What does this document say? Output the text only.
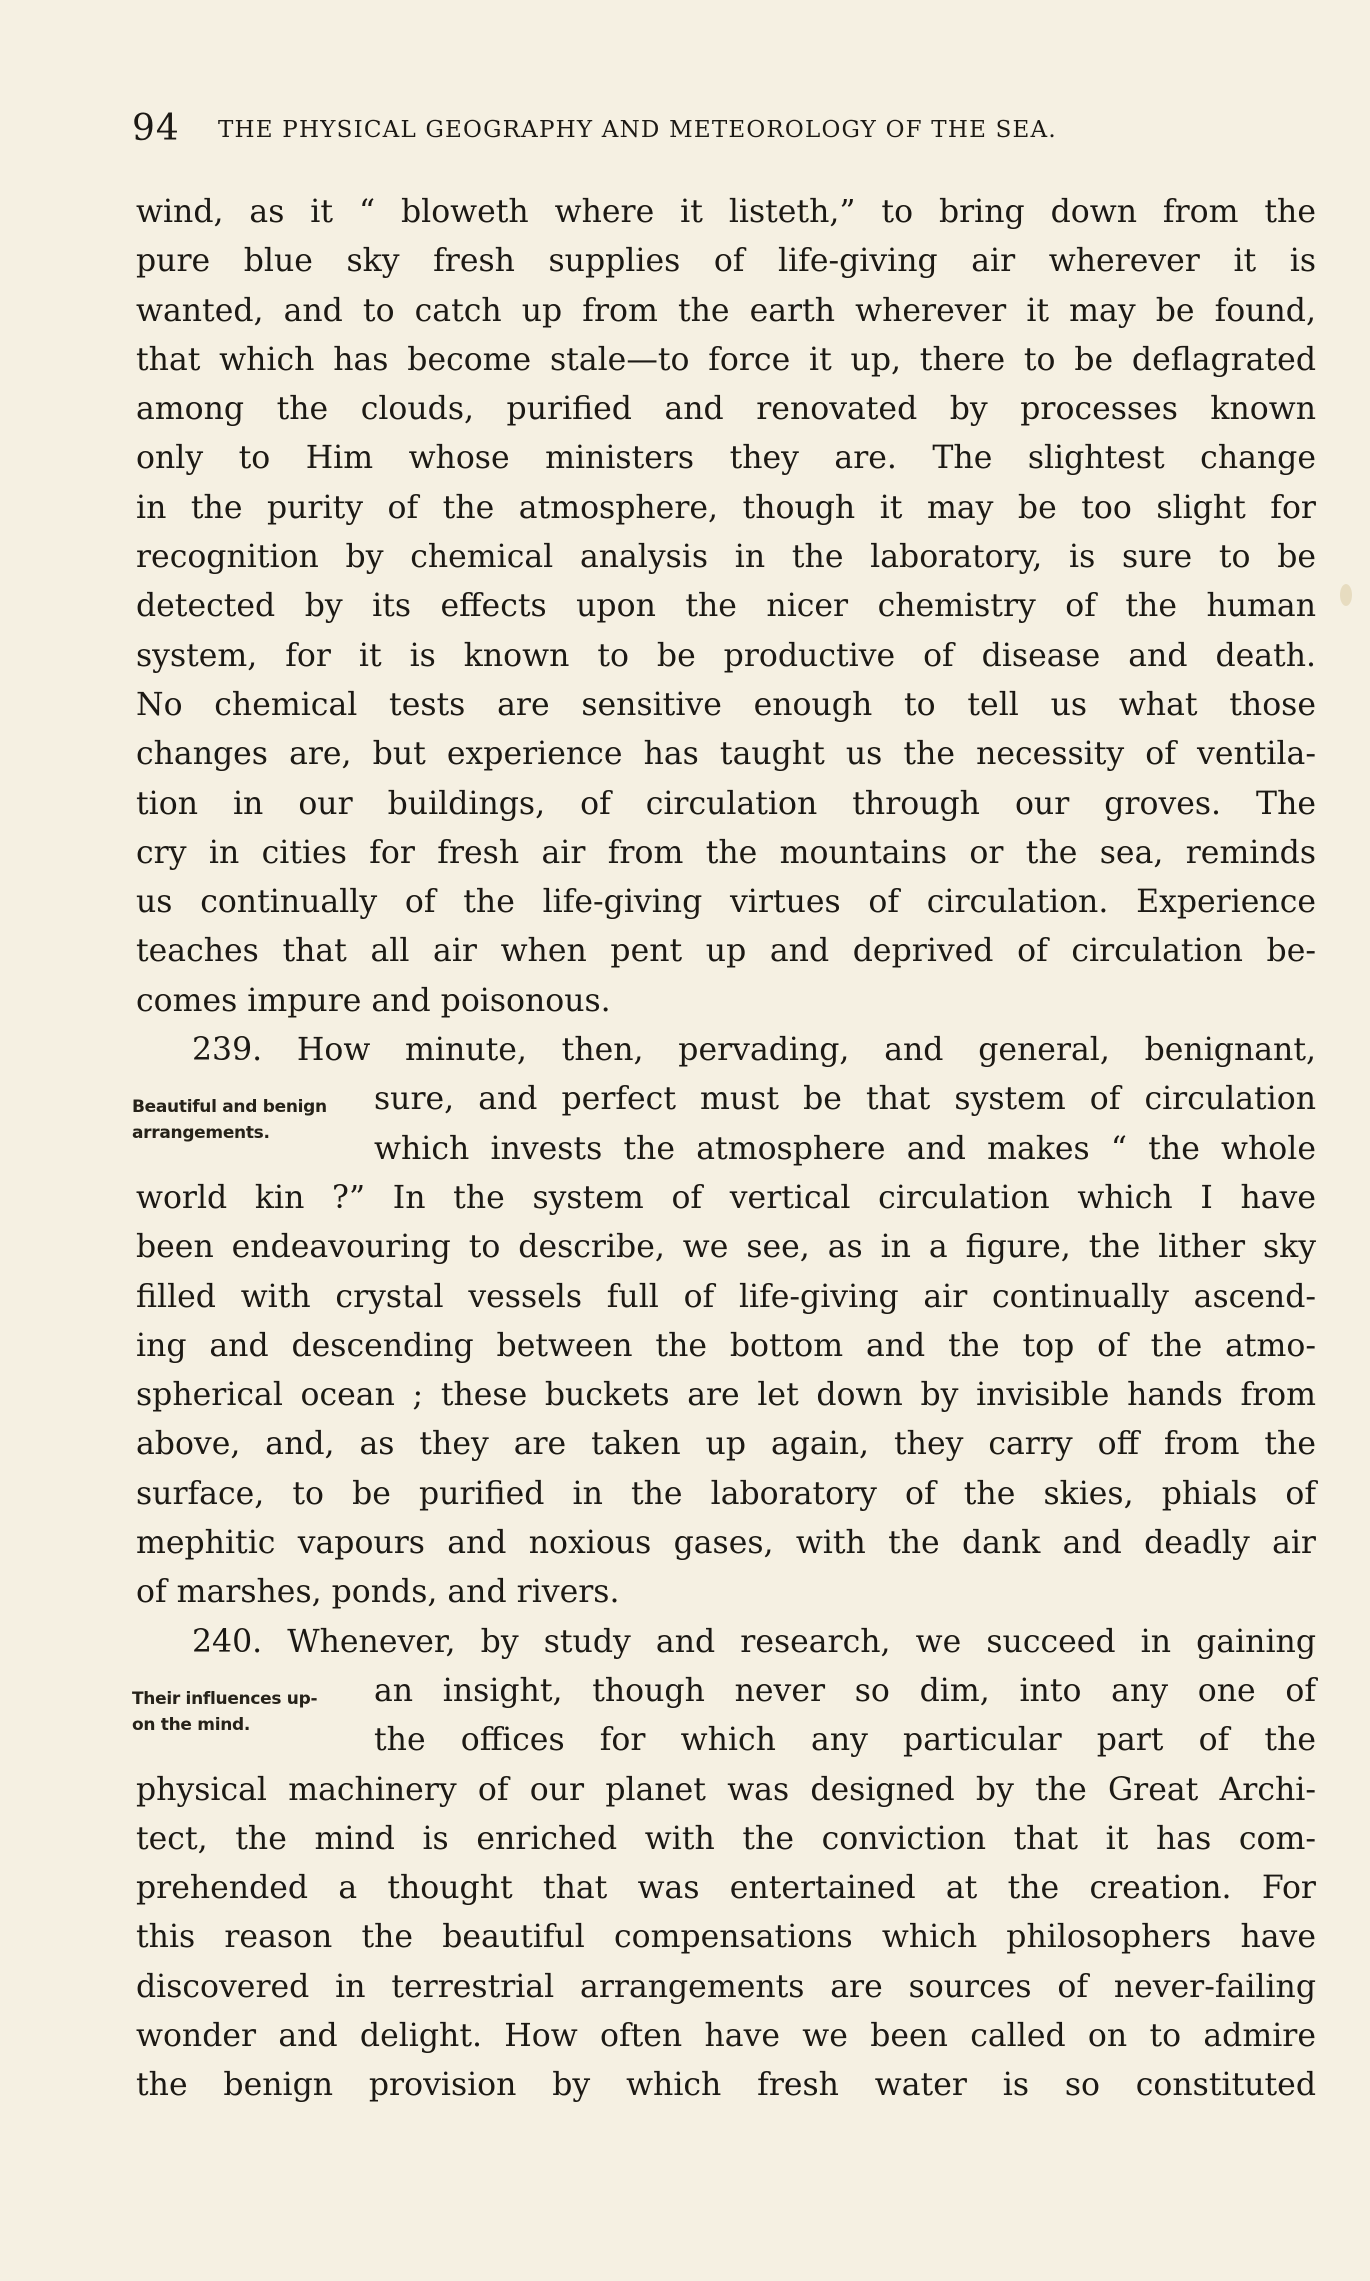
94 THE PHYSICAL GEOGRAPHY AND METEOROLOGY OF THE SEA.
wind, as it “ bloweth where it listeth,” to bring down from the
pure blue sky fresh supplies of life-giving air wherever it is
wanted, and to catch up from the earth wherever it may be found,
that which has become stale—to force it up, there to be deflagrated
among the clouds, purified and renovated by processes known
only to Him whose ministers they are. The slightest change
in the purity of the atmosphere, though it may be too slight for
recognition by chemical analysis in the laboratory, is sure to be
detected by its effects upon the nicer chemistry of the human
system, for it is known to be productive of disease and death.
No chemical tests are sensitive enough to tell us what those
changes are, but experience has taught us the necessity of ventila-
tion in our buildings, of circulation through our groves. The
cry in cities for fresh air from the mountains or the sea, reminds
us continually of the life-giving virtues of circulation. Experience
teaches that all air when pent up and deprived of circulation be-
comes impure and poisonous.
239. How minute, then, pervading, and general, benignant,
sure, and perfect must be that system of circulation
which invests the atmosphere and makes “ the whole
world kin ?” In the system of vertical circulation which I have
been endeavouring to describe, we see, as in a figure, the lither sky
filled with crystal vessels full of life-giving air continually ascend-
ing and descending between the bottom and the top of the atmo-
spherical ocean ; these buckets are let down by invisible hands from
above, and, as they are taken up again, they carry off from the
surface, to be purified in the laboratory of the skies, phials of
mephitic vapours and noxious gases, with the dank and deadly air
of marshes, ponds, and rivers.
240. Whenever, by study and research, we succeed in gaining
an insight, though never so dim, into any one of
the offices for which any particular part of the
physical machinery of our planet was designed by the Great Archi-
tect, the mind is enriched with the conviction that it has com-
prehended a thought that was entertained at the creation. For
this reason the beautiful compensations which philosophers have
discovered in terrestrial arrangements are sources of never-failing
wonder and delight. How often have we been called on to admire
the benign provision by which fresh water is so constituted
Beautiful and benign
arrangements.
Their influences up-
on the mind.
